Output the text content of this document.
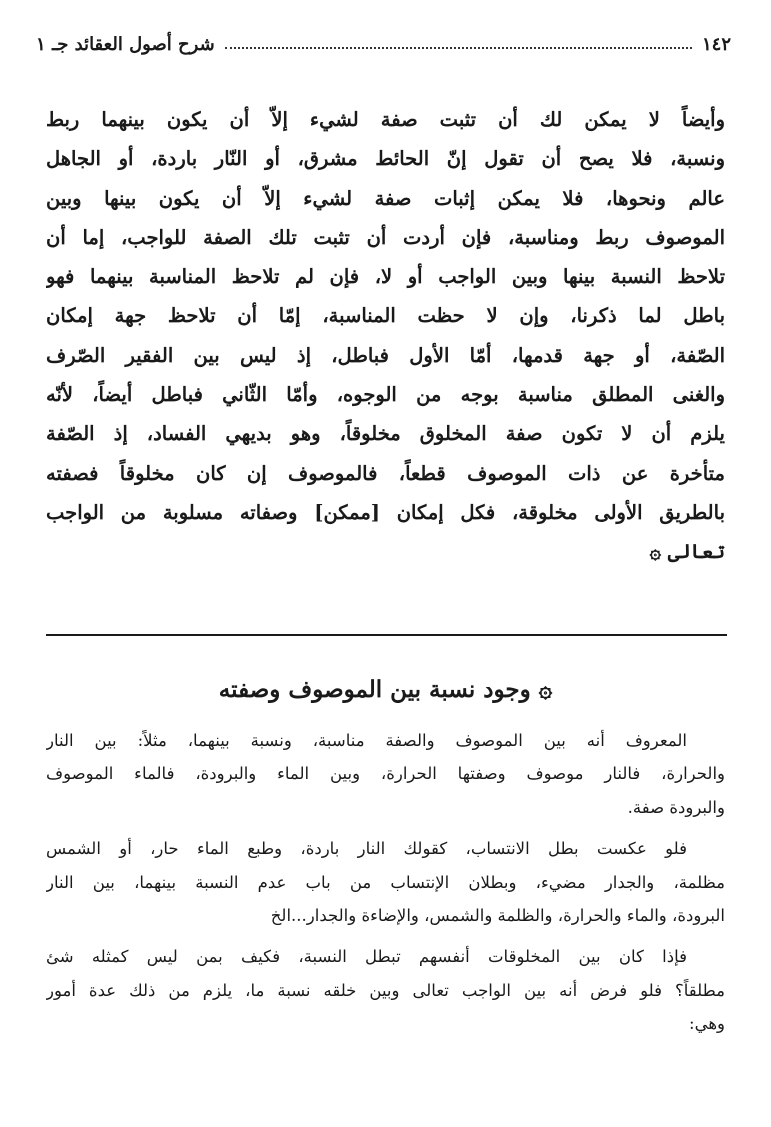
١٤٢
شرح أصول العقائد جـ ١
وأيضاً لا يمكن لك أن تثبت صفة لشيء إلاّ أن يكون بينهما ربط
ونسبة، فلا يصح أن تقول إنّ الحائط مشرق، أو النّار باردة، أو الجاهل
عالم ونحوها، فلا يمكن إثبات صفة لشيء إلاّ أن يكون بينها وبين
الموصوف ربط ومناسبة، فإن أردت أن تثبت تلك الصفة للواجب، إما أن
تلاحظ النسبة بينها وبين الواجب أو لا، فإن لم تلاحظ المناسبة بينهما فهو
باطل لما ذكرنا، وإن لا حظت المناسبة، إمّا أن تلاحظ جهة إمكان
الصّفة، أو جهة قدمها، أمّا الأول فباطل، إذ ليس بين الفقير الصّرف
والغنى المطلق مناسبة بوجه من الوجوه، وأمّا الثّاني فباطل أيضاً، لأنّه
يلزم أن لا تكون صفة المخلوق مخلوقاً، وهو بديهي الفساد، إذ الصّفة
متأخرة عن ذات الموصوف قطعاً، فالموصوف إن كان مخلوقاً فصفته
بالطريق الأولى مخلوقة، فكل إمكان [ممكن] وصفاته مسلوبة من الواجب
تعالى ۞
۞ وجود نسبة بين الموصوف وصفته
المعروف أنه بين الموصوف والصفة مناسبة، ونسبة بينهما، مثلاً: بين النار
والحرارة، فالنار موصوف وصفتها الحرارة، وبين الماء والبرودة، فالماء الموصوف
والبرودة صفة.
فلو عكست بطل الانتساب، كقولك النار باردة، وطبع الماء حار، أو الشمس
مظلمة، والجدار مضيء، وبطلان الإنتساب من باب عدم النسبة بينهما، بين النار
البرودة، والماء والحرارة، والظلمة والشمس، والإضاءة والجدار...الخ
فإذا كان بين المخلوقات أنفسهم تبطل النسبة، فكيف بمن ليس كمثله شئ
مطلقاً؟ فلو فرض أنه بين الواجب تعالى وبين خلقه نسبة ما، يلزم من ذلك عدة أمور
وهي:
